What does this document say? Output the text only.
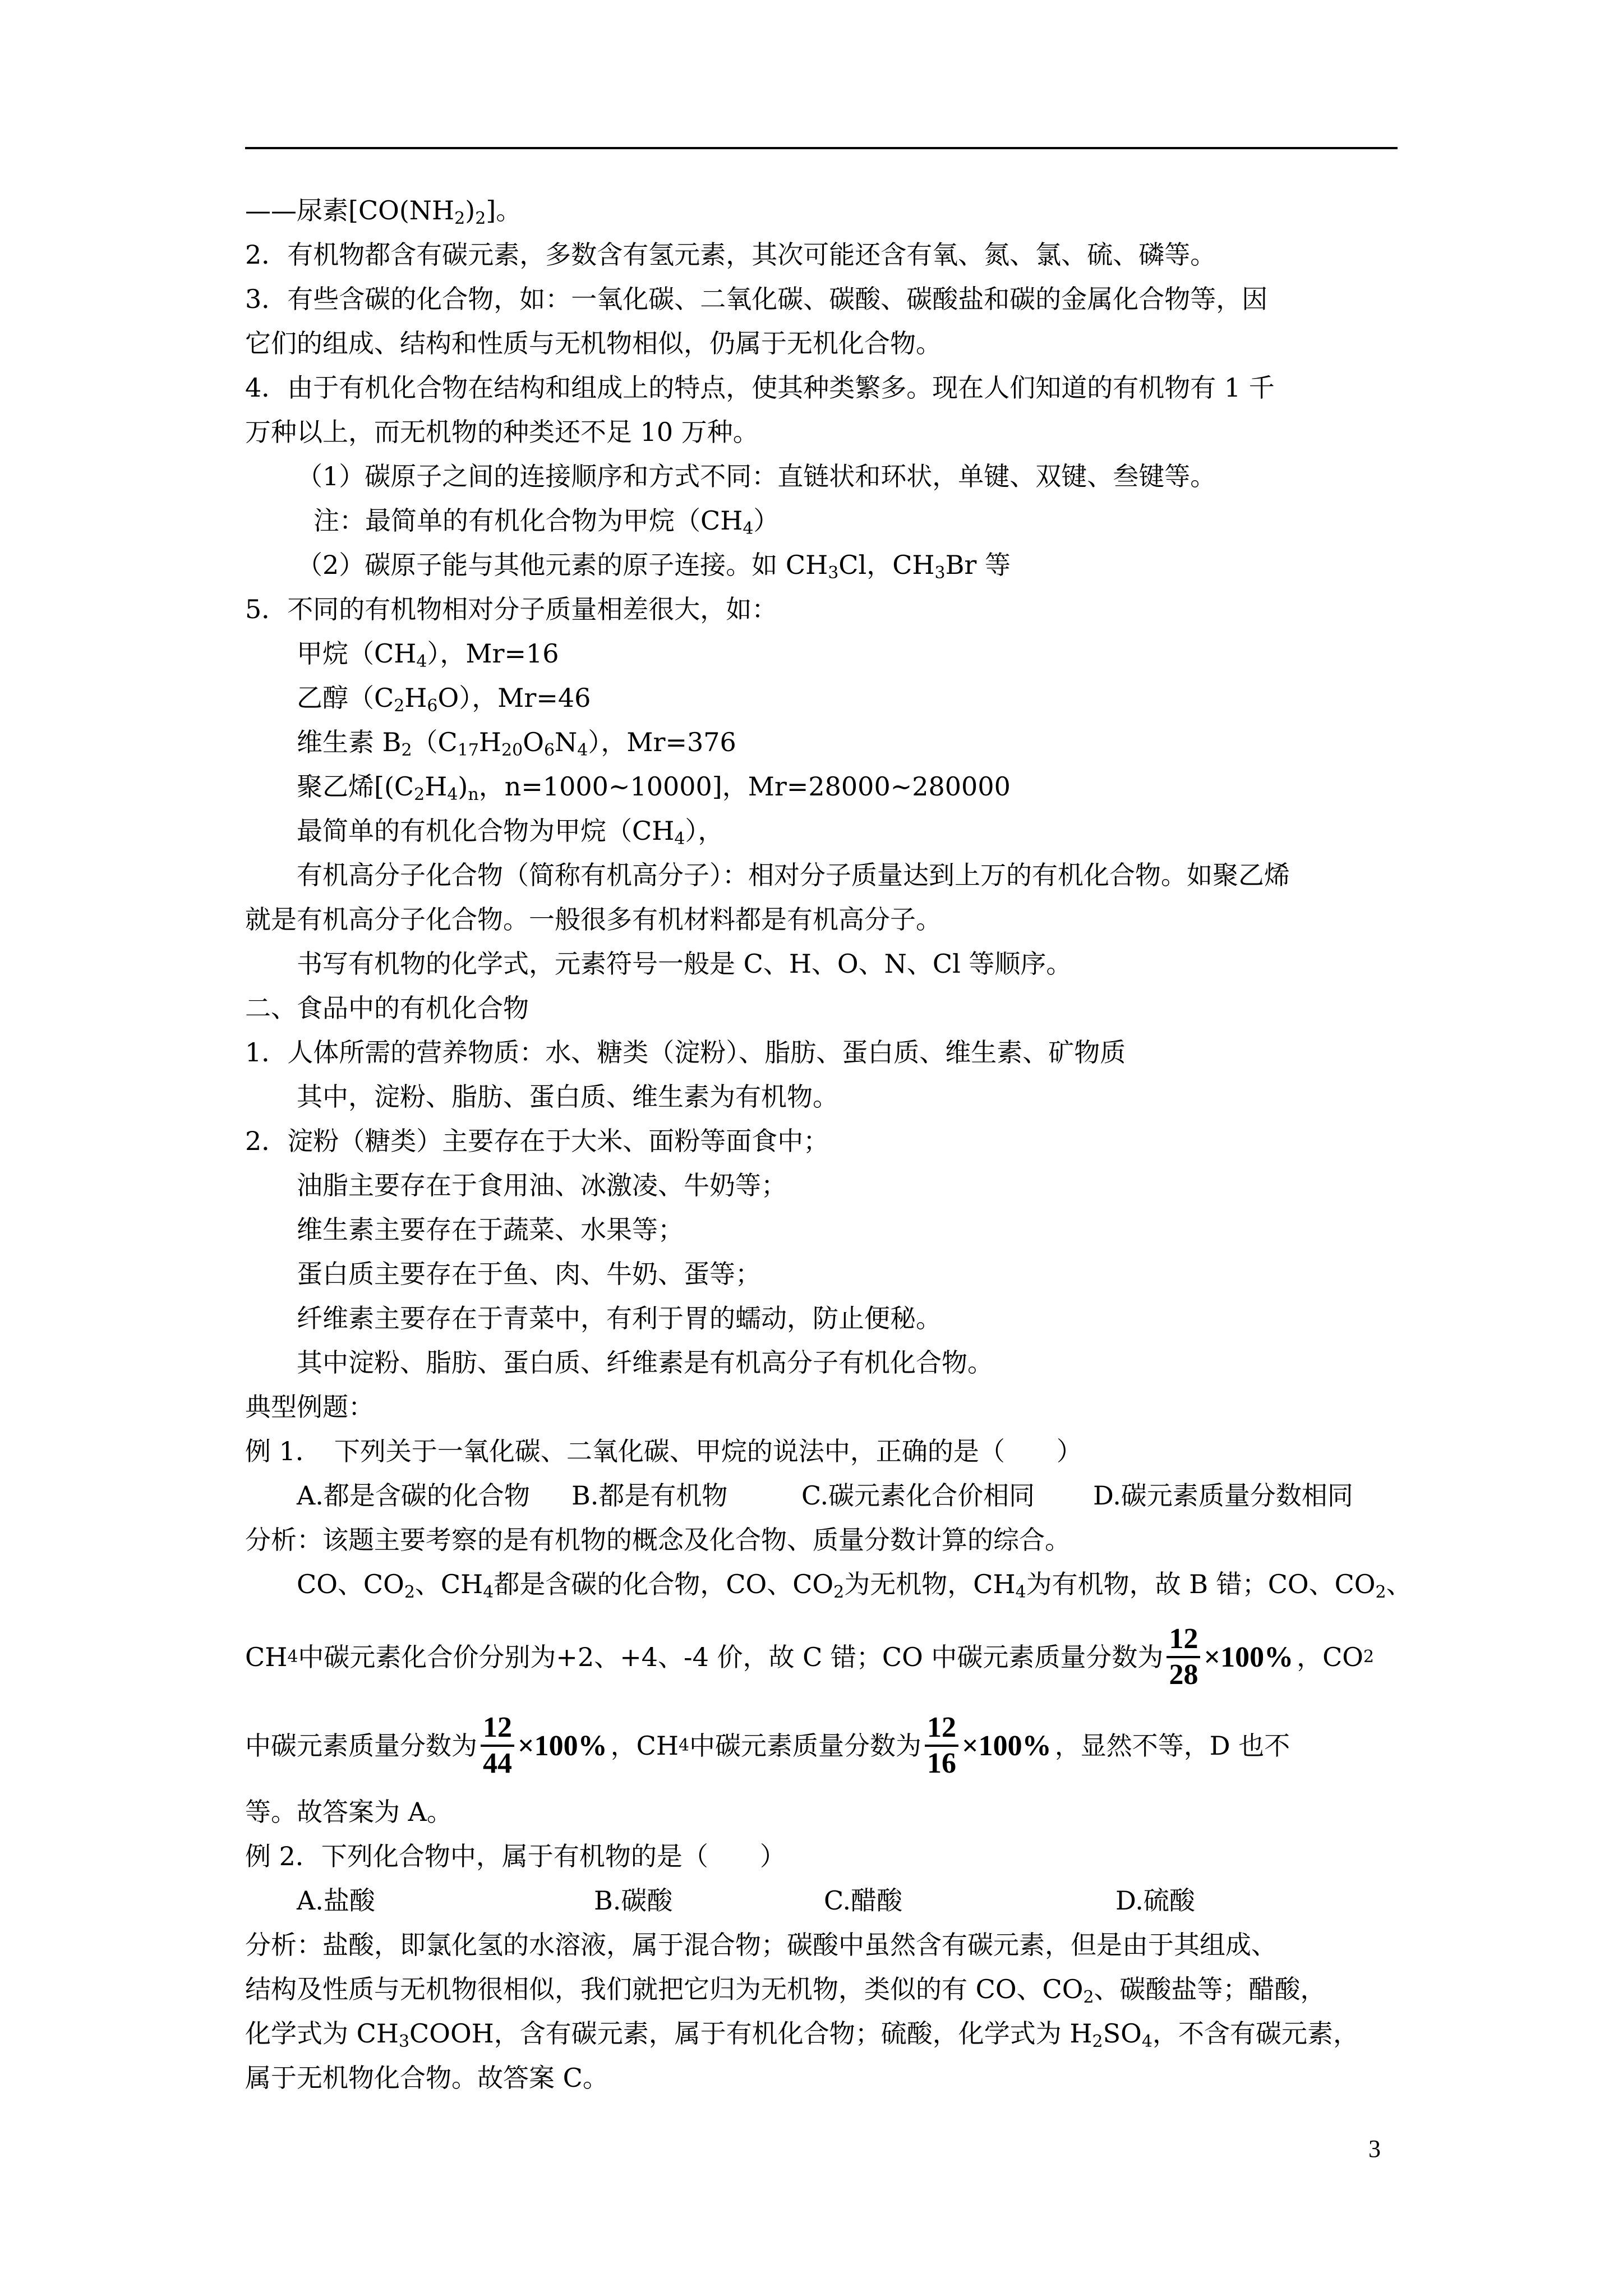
——尿素$[CO(NH_2)_2]$。
2．有机物都含有碳元素，多数含有氢元素，其次可能还含有氧、氮、氯、硫、磷等。
3．有些含碳的化合物，如：一氧化碳、二氧化碳、碳酸、碳酸盐和碳的金属化合物等，因
它们的组成、结构和性质与无机物相似，仍属于无机化合物。
4．由于有机化合物在结构和组成上的特点，使其种类繁多。现在人们知道的有机物有 1 千
万种以上，而无机物的种类还不足 10 万种。
（1）碳原子之间的连接顺序和方式不同：直链状和环状，单键、双键、叁键等。
注：最简单的有机化合物为甲烷$(CH_4)$
（2）碳原子能与其他元素的原子连接。如 $CH_3Cl$，$CH_3Br$ 等
5．不同的有机物相对分子质量相差很大，如：
甲烷$(CH_4)$，Mr=16
乙醇$(C_2H_6O)$，Mr=46
维生素 $B_2(C_{17}H_{20}O_6N_4)$，Mr=376
聚乙烯[$(C_2H_4)_n$，n=1000~10000]，Mr=28000~280000
最简单的有机化合物为甲烷$(CH_4)$，
有机高分子化合物（简称有机高分子）：相对分子质量达到上万的有机化合物。如聚乙烯
就是有机高分子化合物。一般很多有机材料都是有机高分子。
书写有机物的化学式，元素符号一般是 C、H、O、N、Cl 等顺序。
二、食品中的有机化合物
1．人体所需的营养物质：水、糖类（淀粉）、脂肪、蛋白质、维生素、矿物质
其中，淀粉、脂肪、蛋白质、维生素为有机物。
2．淀粉（糖类）主要存在于大米、面粉等面食中；
油脂主要存在于食用油、冰激凌、牛奶等；
维生素主要存在于蔬菜、水果等；
蛋白质主要存在于鱼、肉、牛奶、蛋等；
纤维素主要存在于青菜中，有利于胃的蠕动，防止便秘。
其中淀粉、脂肪、蛋白质、纤维素是有机高分子有机化合物。
典型例题：
例 1．　下列关于一氧化碳、二氧化碳、甲烷的说法中，正确的是（　　）
A.都是含碳的化合物	B.都是有机物	C.碳元素化合价相同	D.碳元素质量分数相同
分析：该题主要考察的是有机物的概念及化合物、质量分数计算的综合。
CO、$CO_2$、$CH_4$都是含碳的化合物，CO、$CO_2$为无机物，$CH_4$为有机物，故 B 错；CO、$CO_2$、
CH 4 中碳元素化合价分别为+2、+4、-4 价，故 C 错；CO 中碳元素质量分数为 $\frac{12}{28} \times 100\%$ ，CO 2
中碳元素质量分数为 $\frac{12}{44} \times 100\%$ ，CH 4 中碳元素质量分数为 $\frac{12}{16} \times 100\%$ ，显然不等，D 也不
等。故答案为 A。
例 2．下列化合物中，属于有机物的是（　　）
A.盐酸	B.碳酸	C.醋酸	D.硫酸
分析：盐酸，即氯化氢的水溶液，属于混合物；碳酸中虽然含有碳元素，但是由于其组成、
结构及性质与无机物很相似，我们就把它归为无机物，类似的有 CO、$CO_2$、碳酸盐等；醋酸，
化学式为 $CH_3COOH$，含有碳元素，属于有机化合物；硫酸，化学式为 $H_2SO_4$，不含有碳元素，
属于无机物化合物。故答案 C。
3
